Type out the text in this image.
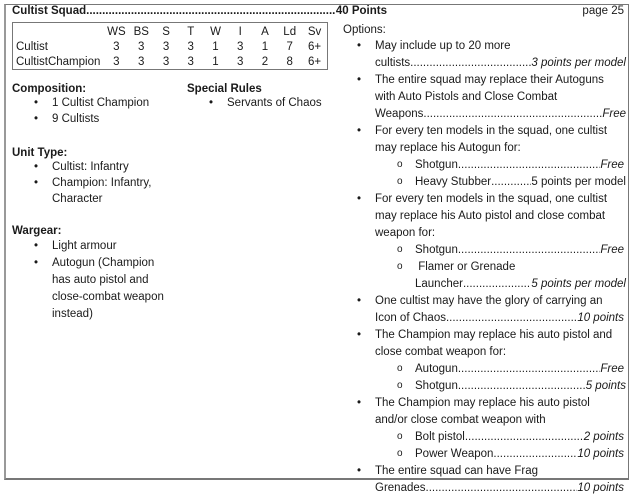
Cultist Squad .....	40 Points	page 25
	WS	BS	S	T	W	I	A	Ld	Sv
Cultist	3	3	3	3	1	3	1	7	6+
CultistChampion	3	3	3	3	1	3	2	8	6+
Composition:
• 1 Cultist Champion
• 9 Cultists
Special Rules
• Servants of Chaos
Unit Type:
• Cultist: Infantry
• Champion: Infantry,
Character
Wargear:
• Light armour
• Autogun (Champion
has auto pistol and
close-combat weapon
instead)
Options:
• May include up to 20 more
cultists .....	3 points per model
• The entire squad may replace their Autoguns
with Auto Pistols and Close Combat
Weapons .....	Free
• For every ten models in the squad, one cultist
may replace his Autogun for:
o Shotgun .....	Free
o Heavy Stubber .....	5 points per model
• For every ten models in the squad, one cultist
may replace his Auto pistol and close combat
weapon for:
o Shotgun .....	Free
o  Flamer or Grenade
Launcher .....	5 points per model
• One cultist may have the glory of carrying an
Icon of Chaos .....	10 points
• The Champion may replace his auto pistol and
close combat weapon for:
o Autogun .....	Free
o Shotgun .....	5 points
• The Champion may replace his auto pistol
and/or close combat weapon with
o Bolt pistol .....	2 points
o Power Weapon .....	10 points
• The entire squad can have Frag
Grenades .....	10 points
